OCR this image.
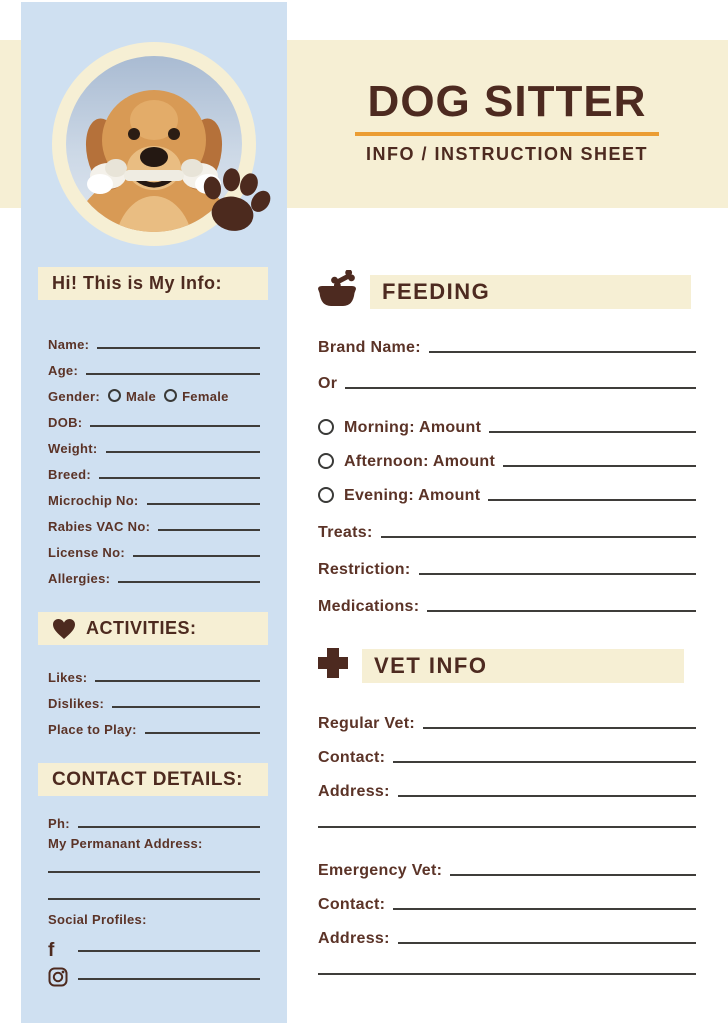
Hi! This is My Info:
Name:
Age:
Gender: Male Female
DOB:
Weight:
Breed:
Microchip No:
Rabies VAC No:
License No:
Allergies:
ACTIVITIES:
Likes:
Dislikes:
Place to Play:
CONTACT DETAILS:
Ph:
My Permanant Address:
Social Profiles:
f
DOG SITTER
INFO / INSTRUCTION SHEET
FEEDING
Brand Name:
Or
Morning: Amount
Afternoon: Amount
Evening: Amount
Treats:
Restriction:
Medications:
VET INFO
Regular Vet:
Contact:
Address:
Emergency Vet:
Contact:
Address:
